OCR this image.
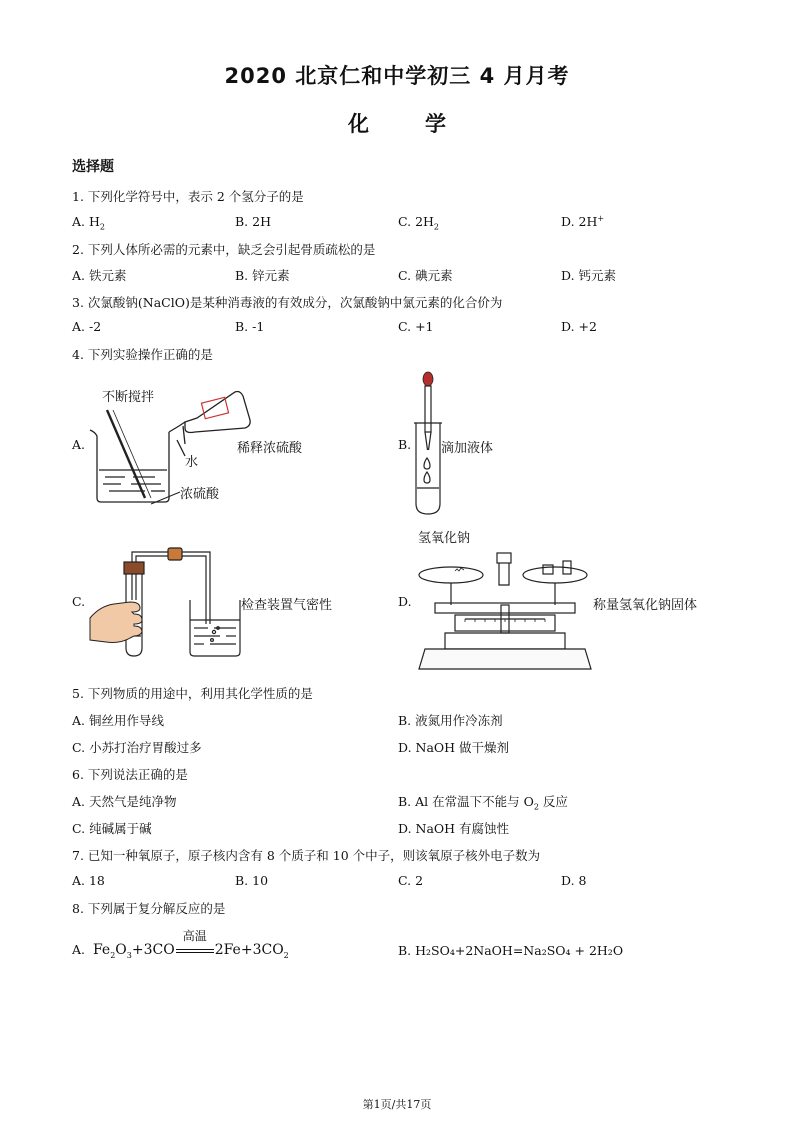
2020 北京仁和中学初三 4 月月考
化	学
选择题
1. 下列化学符号中，表示 2 个氢分子的是
A. $H_2$	B. 2H	C. $2H_2$	D. 2H+
2. 下列人体所必需的元素中，缺乏会引起骨质疏松的是
A. 铁元素	B. 锌元素	C. 碘元素	D. 钙元素
3. 次氯酸钠(NaClO)是某种消毒液的有效成分，次氯酸钠中氯元素的化合价为
A. -2	B. -1	C. +1	D. +2
4. 下列实验操作正确的是
A.
不断搅拌
水
浓硫酸
稀释浓硫酸	B. 滴加液体
C.	检查装置气密性	D.
氢氧化钠
称量氢氧化钠固体
5. 下列物质的用途中，利用其化学性质的是
A. 铜丝用作导线	B. 液氮用作冷冻剂
C. 小苏打治疗胃酸过多	D. NaOH 做干燥剂
6. 下列说法正确的是
A. 天然气是纯净物	B. Al 在常温下不能与 $O_2$ 反应
C. 纯碱属于碱	D. NaOH 有腐蚀性
7. 已知一种氧原子，原子核内含有 8 个质子和 10 个中子，则该氧原子核外电子数为
A. 18	B. 10	C. 2	D. 8
8. 下列属于复分解反应的是
A. $Fe_2O_3+3CO$
高温
$2Fe+3CO_2$	B. H₂SO₄+2NaOH=Na₂SO₄ + 2H₂O
第1页/共17页
